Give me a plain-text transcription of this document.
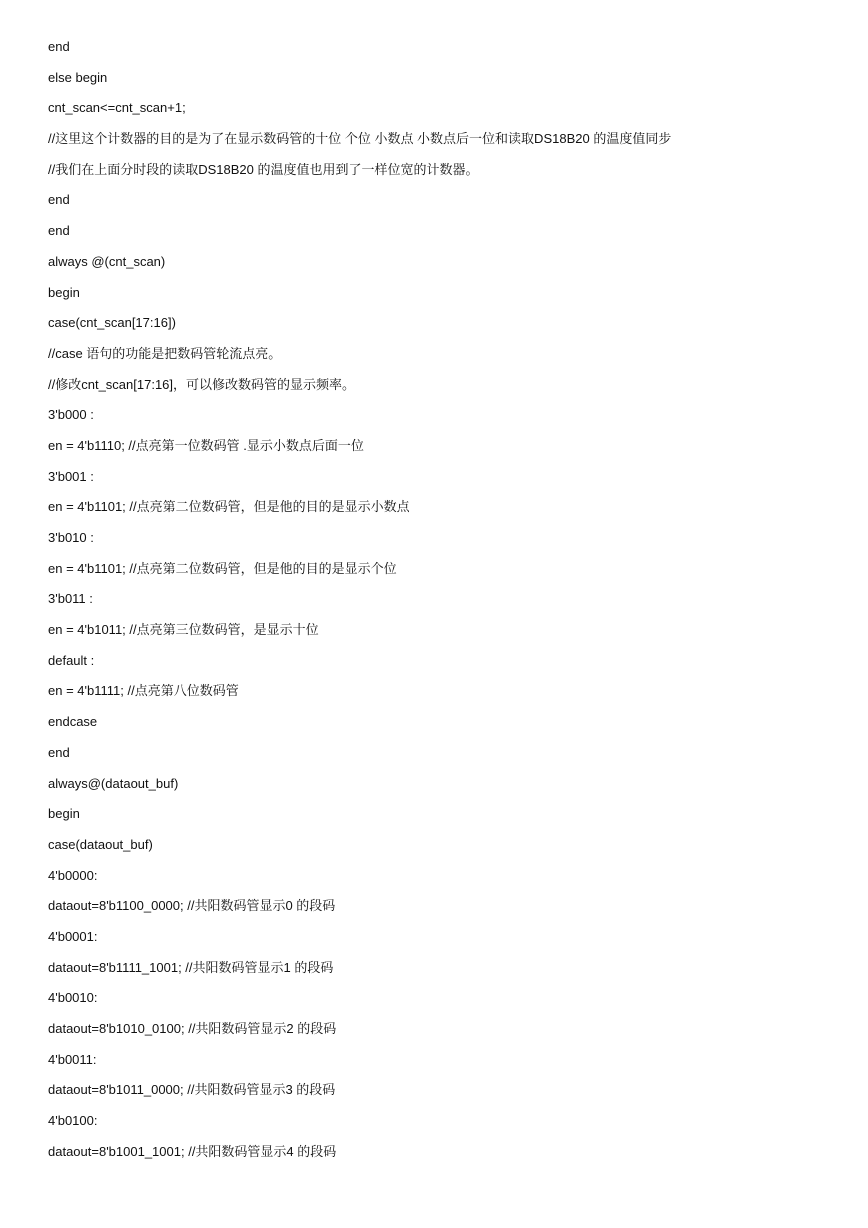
end
else begin
cnt_scan<=cnt_scan+1;
//这里这个计数器的目的是为了在显示数码管的十位 个位 小数点 小数点后一位和读取DS18B20 的温度值同步
//我们在上面分时段的读取DS18B20 的温度值也用到了一样位宽的计数器。
end
end
always @(cnt_scan)
begin
case(cnt_scan[17:16])
//case 语句的功能是把数码管轮流点亮。
//修改cnt_scan[17:16]，可以修改数码管的显示频率。
3'b000 :
en = 4'b1110; //点亮第一位数码管 .显示小数点后面一位
3'b001 :
en = 4'b1101; //点亮第二位数码管，但是他的目的是显示小数点
3'b010 :
en = 4'b1101; //点亮第二位数码管，但是他的目的是显示个位
3'b011 :
en = 4'b1011; //点亮第三位数码管，是显示十位
default :
en = 4'b1111; //点亮第八位数码管
endcase
end
always@(dataout_buf)
begin
case(dataout_buf)
4'b0000:
dataout=8'b1100_0000; //共阳数码管显示0 的段码
4'b0001:
dataout=8'b1111_1001; //共阳数码管显示1 的段码
4'b0010:
dataout=8'b1010_0100; //共阳数码管显示2 的段码
4'b0011:
dataout=8'b1011_0000; //共阳数码管显示3 的段码
4'b0100:
dataout=8'b1001_1001; //共阳数码管显示4 的段码
